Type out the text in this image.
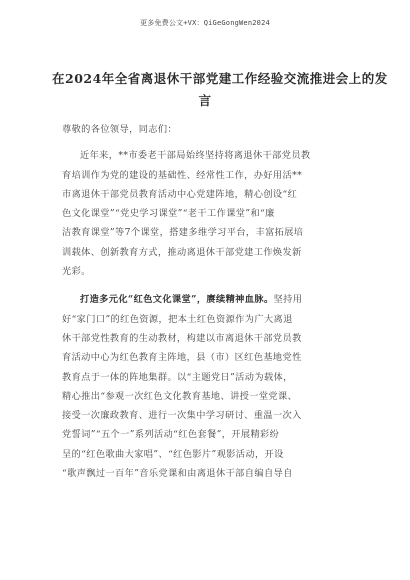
更多免费公文+VX：QiGeGongWen2024
在2024年全省离退休干部党建工作经验交流推进会上的发
言
尊敬的各位领导，同志们：
近年来，**市委老干部局始终坚持将离退休干部党员教
育培训作为党的建设的基础性、经常性工作，办好用活**
市离退休干部党员教育活动中心党建阵地，精心创设“红
色文化课堂”“党史学习课堂”“老干工作课堂”和“廉
洁教育课堂”等7个课堂，搭建多维学习平台，丰富拓展培
训载体、创新教育方式，推动离退休干部党建工作焕发新
光彩。
打造多元化“红色文化课堂”，赓续精神血脉。坚持用
好“家门口”的红色资源，把本土红色资源作为广大离退
休干部党性教育的生动教材，构建以市离退休干部党员教
育活动中心为红色教育主阵地，县（市）区红色基地党性
教育点于一体的阵地集群。以“主题党日”活动为载体，
精心推出“参观一次红色文化教育基地、讲授一堂党课、
接受一次廉政教育、进行一次集中学习研讨、重温一次入
党誓词”“五个一”系列活动“红色套餐”，开展精彩纷
呈的“红色歌曲大家唱”、“红色影片”观影活动，开设
“歌声飘过一百年”音乐党课和由离退休干部自编自导自
